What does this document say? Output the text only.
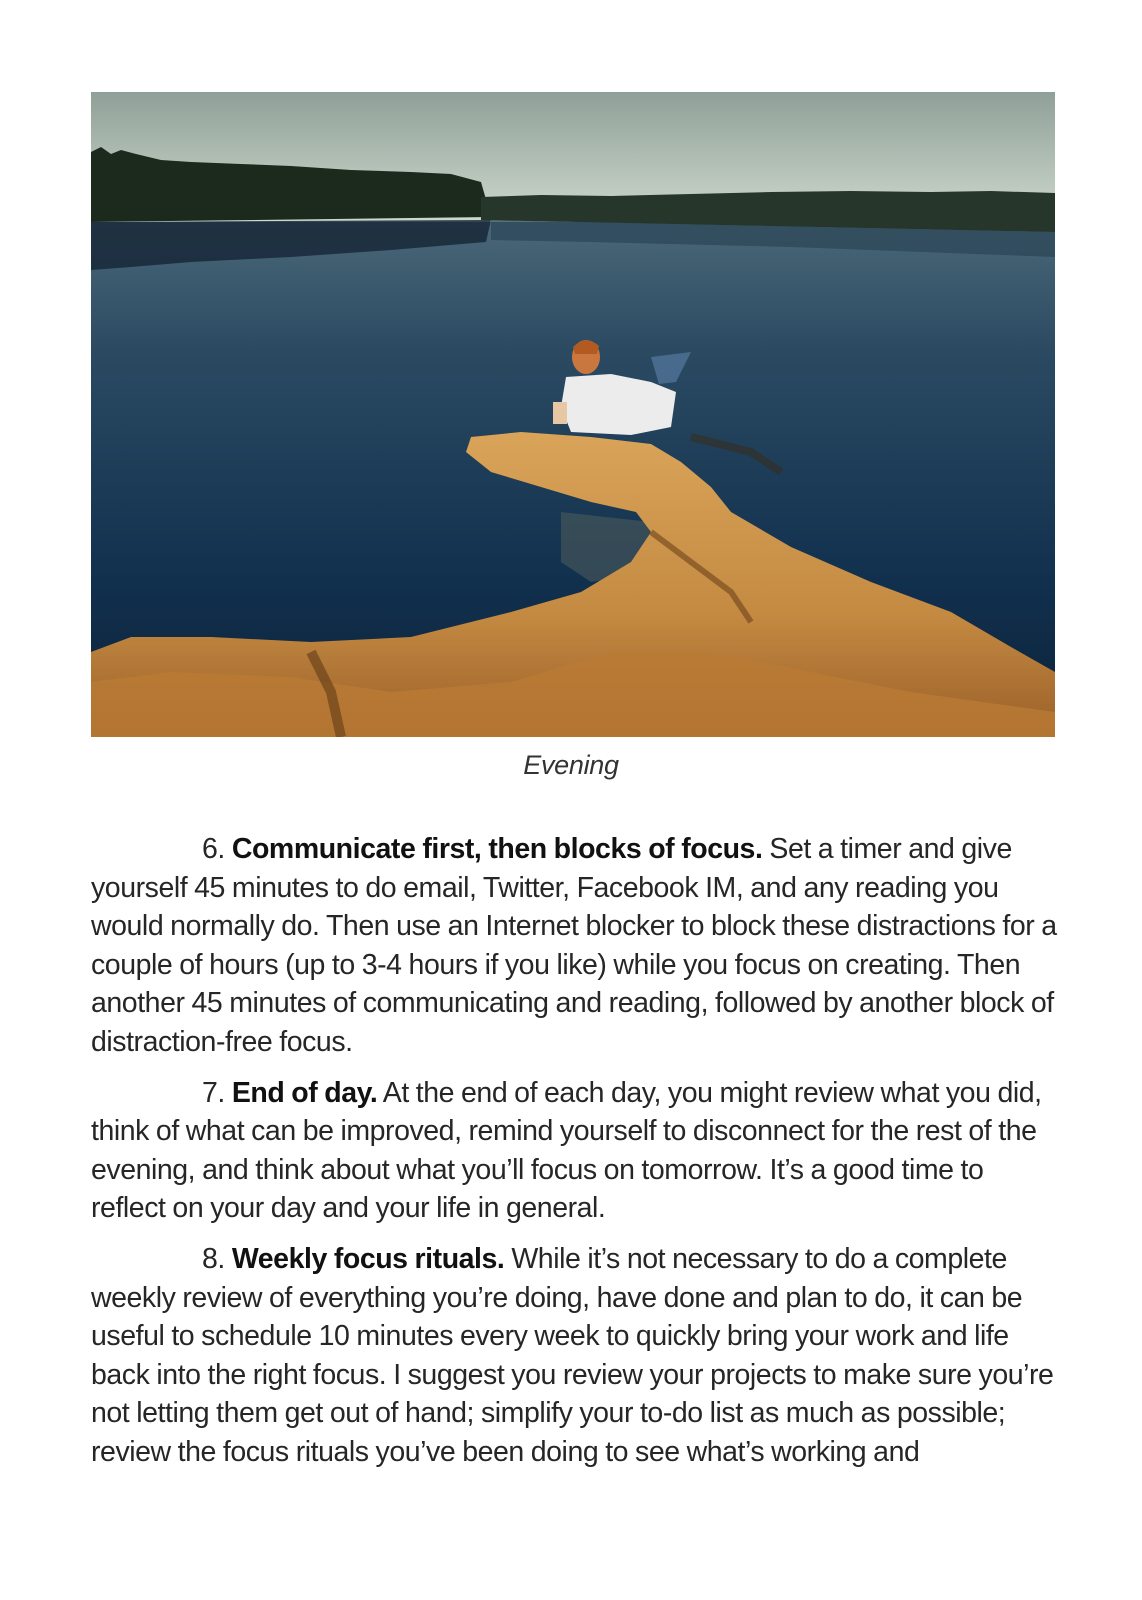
Evening

6. Communicate first, then blocks of focus. Set a timer and give yourself 45 minutes to do email, Twitter, Facebook IM, and any reading you would normally do. Then use an Internet blocker to block these distractions for a couple of hours (up to 3-4 hours if you like) while you focus on creating. Then another 45 minutes of communicating and reading, followed by another block of distraction-free focus.

7. End of day. At the end of each day, you might review what you did, think of what can be improved, remind yourself to disconnect for the rest of the evening, and think about what you’ll focus on tomorrow. It’s a good time to reflect on your day and your life in general.

8. Weekly focus rituals. While it’s not necessary to do a complete weekly review of everything you’re doing, have done and plan to do, it can be useful to schedule 10 minutes every week to quickly bring your work and life back into the right focus. I suggest you review your projects to make sure you’re not letting them get out of hand; simplify your to-do list as much as possible; review the focus rituals you’ve been doing to see what’s working and
